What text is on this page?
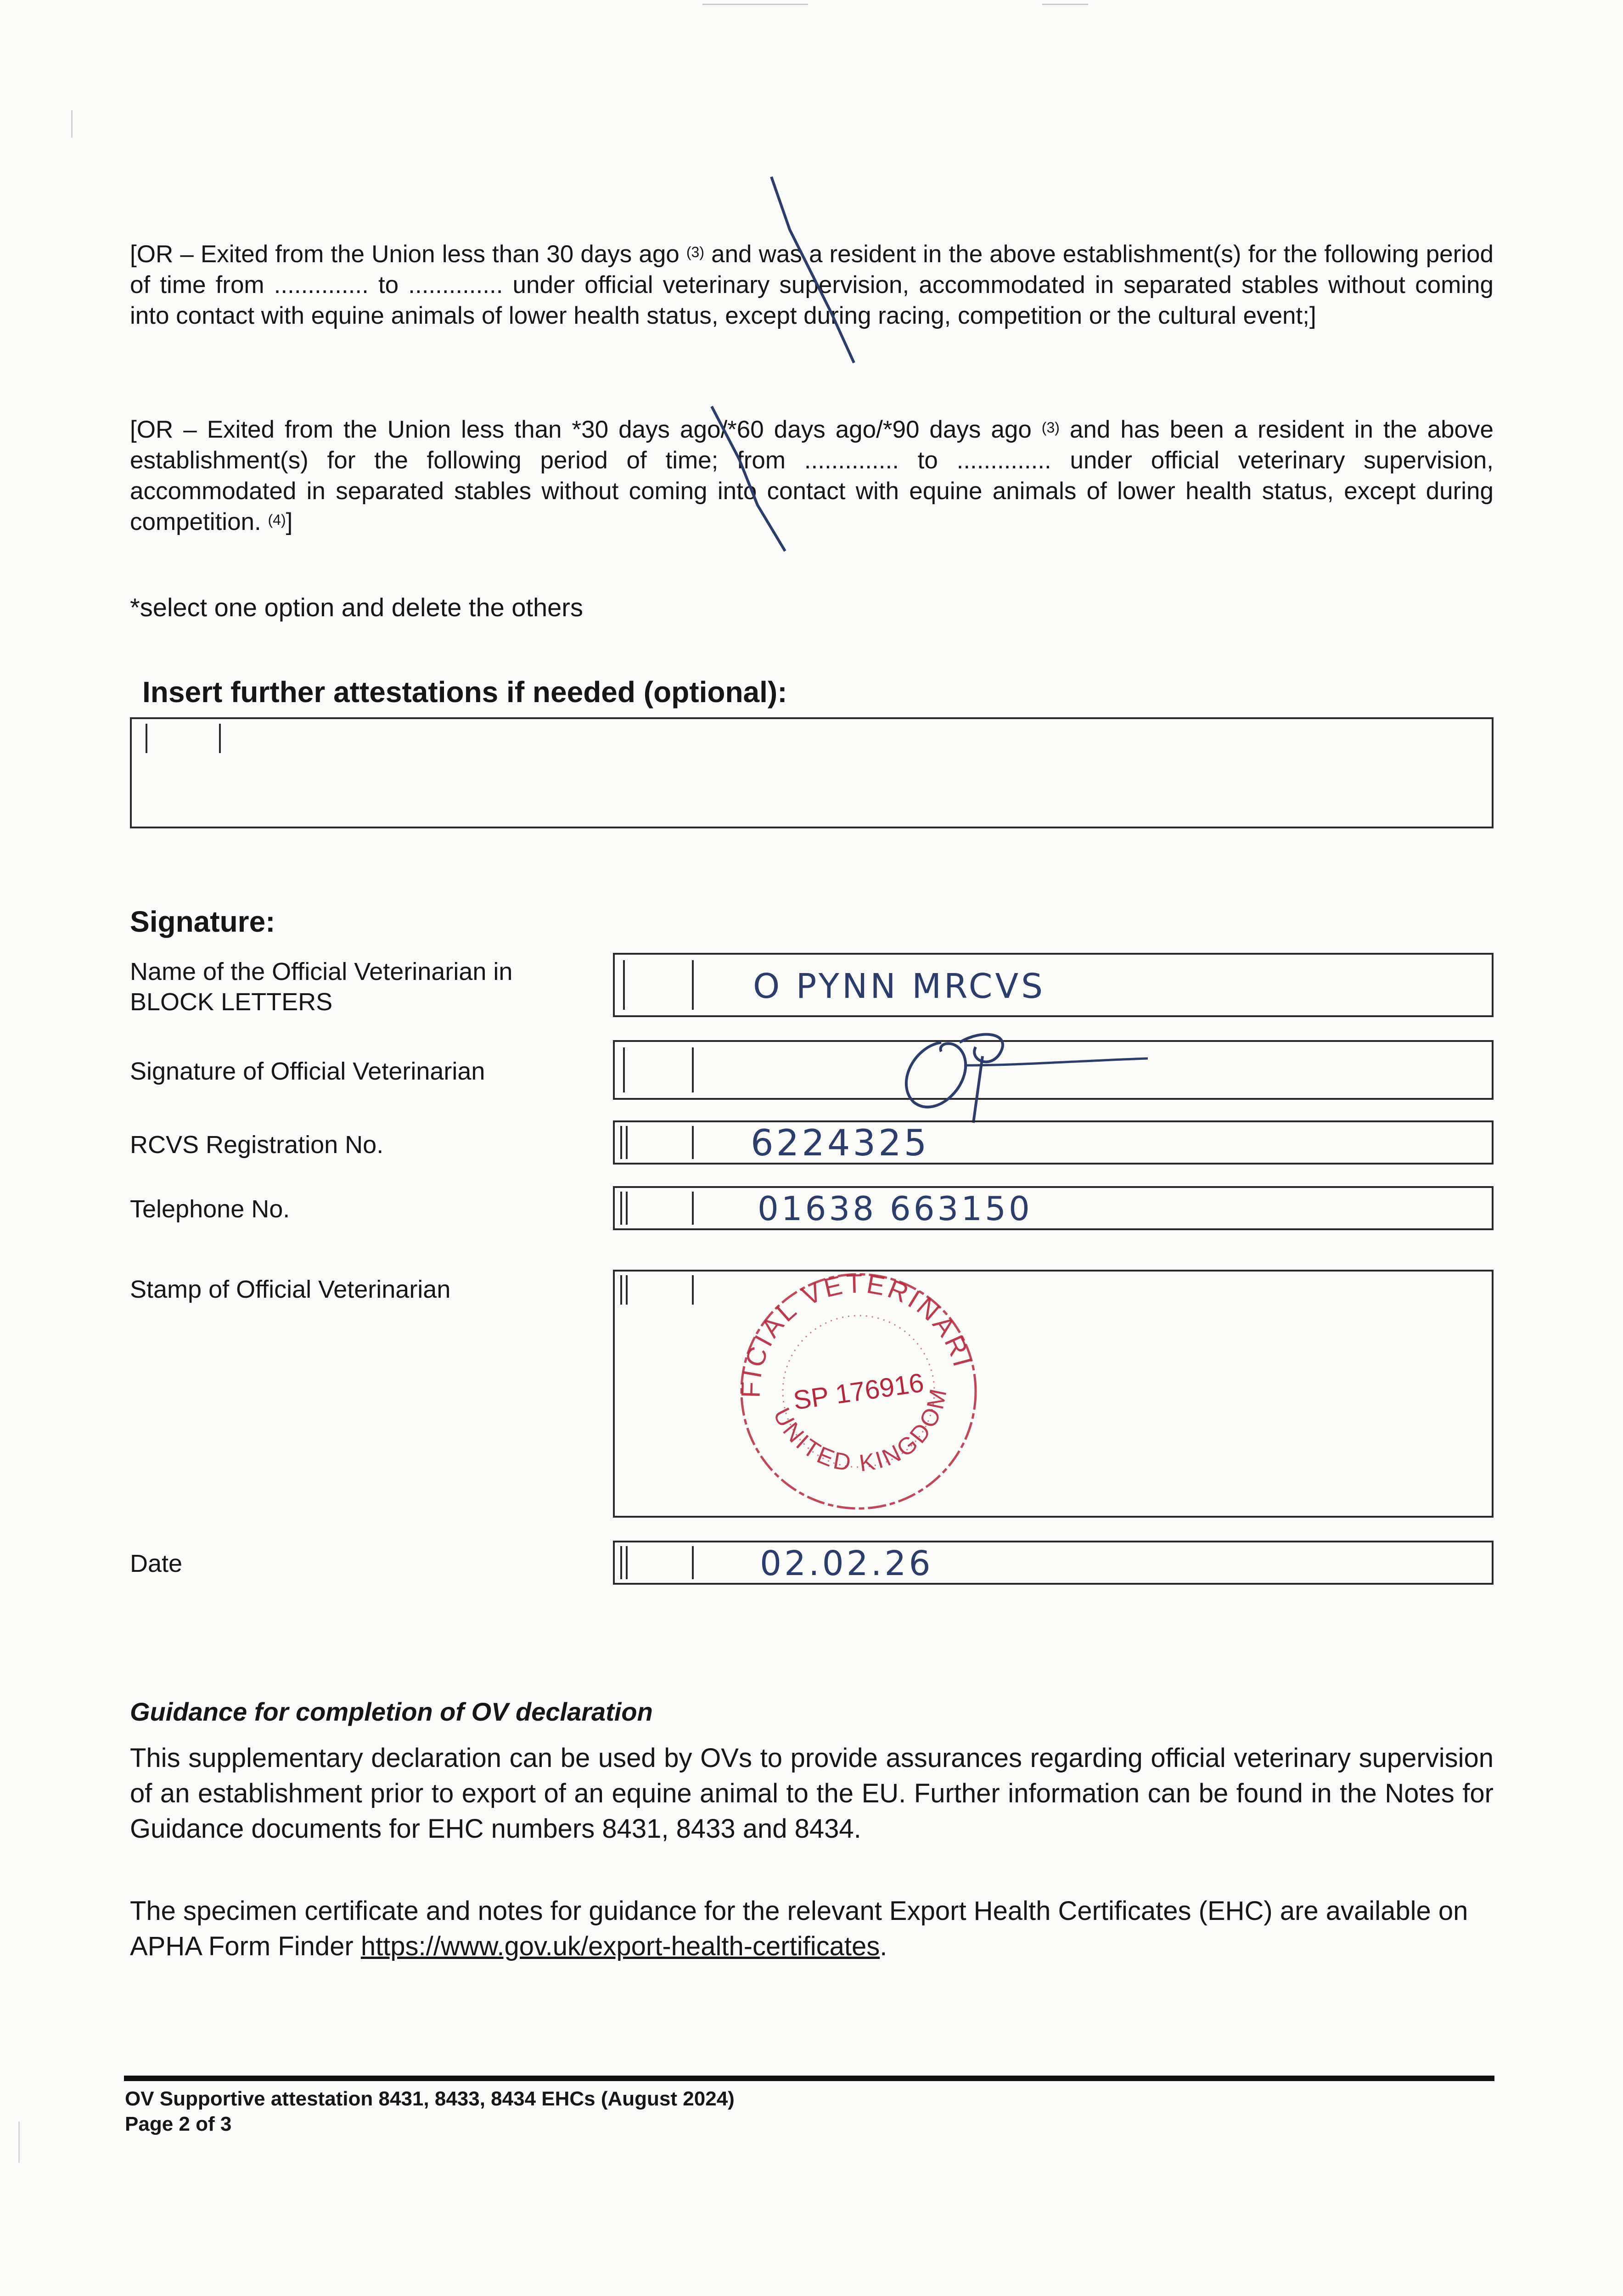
[OR – Exited from the Union less than 30 days ago $^{(3)}$ and was a resident in the above establishment(s) for the following period of time from .............. to .............. under official veterinary supervision, accommodated in separated stables without coming into contact with equine animals of lower health status, except during racing, competition or the cultural event;]
[OR – Exited from the Union less than *30 days ago/*60 days ago/*90 days ago $^{(3)}$ and has been a resident in the above establishment(s) for the following period of time; from .............. to .............. under official veterinary supervision, accommodated in separated stables without coming into contact with equine animals of lower health status, except during competition. $^{(4)}$]
*select one option and delete the others
Insert further attestations if needed (optional):
Signature:
Name of the Official Veterinarian in BLOCK LETTERS	O PYNN MRCVS
Signature of Official Veterinarian
RCVS Registration No.	6224325
Telephone No.	01638 663150
Stamp of Official Veterinarian
OFFICIAL VETERINARIAN
UNITED KINGDOM
SP 176916
Date	02.02.26
Guidance for completion of OV declaration
This supplementary declaration can be used by OVs to provide assurances regarding official veterinary supervision of an establishment prior to export of an equine animal to the EU. Further information can be found in the Notes for Guidance documents for EHC numbers 8431, 8433 and 8434.
The specimen certificate and notes for guidance for the relevant Export Health Certificates (EHC) are available on APHA Form Finder https://www.gov.uk/export-health-certificates.
OV Supportive attestation 8431, 8433, 8434 EHCs (August 2024)
Page 2 of 3
